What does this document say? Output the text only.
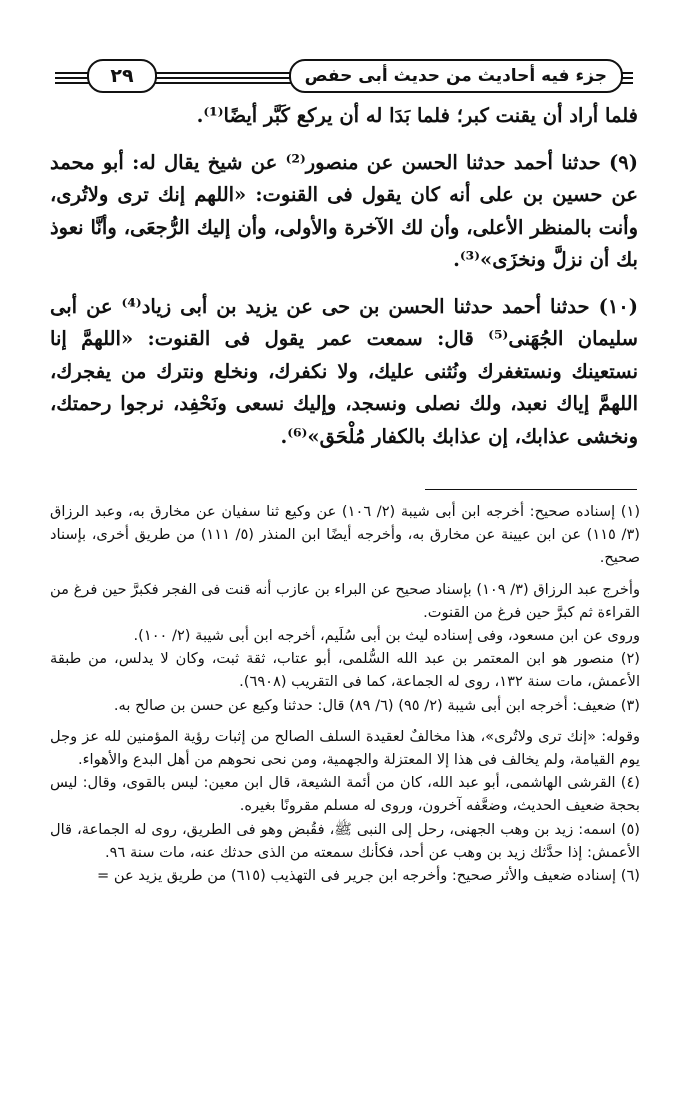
جزء فيه أحاديث من حديث أبى حفص
٢٩

فلما أراد أن يقنت كبر؛ فلما بَدَا له أن يركع كَبَّر أيضًا⁽¹⁾.

(٩) حدثنا أحمد حدثنا الحسن عن منصور⁽²⁾ عن شيخ يقال له: أبو محمد عن حسين بن على أنه كان يقول فى القنوت: «اللهم إنك ترى ولاتُرى، وأنت بالمنظر الأعلى، وأن لك الآخرة والأولى، وأن إليك الرُّجعَى، وأنَّا نعوذ بك أن نزلَّ ونخزَى»⁽³⁾.

(١٠) حدثنا أحمد حدثنا الحسن بن حى عن يزيد بن أبى زياد⁽⁴⁾ عن أبى سليمان الجُهَنى⁽⁵⁾ قال: سمعت عمر يقول فى القنوت: «اللهمَّ إنا نستعينك ونستغفرك ونُثنى عليك، ولا نكفرك، ونخلع ونترك من يفجرك، اللهمَّ إياك نعبد، ولك نصلى ونسجد، وإليك نسعى ونَحْفِد، نرجوا رحمتك، ونخشى عذابك، إن عذابك بالكفار مُلْحَق»⁽⁶⁾.

(١) إسناده صحيح: أخرجه ابن أبى شيبة (٢/ ١٠٦) عن وكيع ثنا سفيان عن مخارق به، وعبد الرزاق (٣/ ١١٥) عن ابن عيينة عن مخارق به، وأخرجه أيضًا ابن المنذر (٥/ ١١١) من طريق أخرى، بإسناد صحيح.

وأخرج عبد الرزاق (٣/ ١٠٩) بإسناد صحيح عن البراء بن عازب أنه قنت فى الفجر فكبرَّ حين فرغ من القراءة ثم كبرَّ حين فرغ من القنوت.

وروى عن ابن مسعود، وفى إسناده ليث بن أبى سُلَيم، أخرجه ابن أبى شيبة (٢/ ١٠٠).

(٢) منصور هو ابن المعتمر بن عبد الله السُّلمى، أبو عتاب، ثقة ثبت، وكان لا يدلس، من طبقة الأعمش، مات سنة ١٣٢، روى له الجماعة، كما فى التقريب (٦٩٠٨).

(٣) ضعيف: أخرجه ابن أبى شيبة (٢/ ٩٥) (٦/ ٨٩) قال: حدثنا وكيع عن حسن بن صالح به.

وقوله: «إنك ترى ولاتُرى»، هذا مخالفٌ لعقيدة السلف الصالح من إثبات رؤية المؤمنين لله عز وجل يوم القيامة، ولم يخالف فى هذا إلا المعتزلة والجهمية، ومن نحى نحوهم من أهل البدع والأهواء.

(٤) القرشى الهاشمى، أبو عبد الله، كان من أئمة الشيعة، قال ابن معين: ليس بالقوى، وقال: ليس بحجة ضعيف الحديث، وضعَّفه آخرون، وروى له مسلم مقرونًا بغيره.

(٥) اسمه: زيد بن وهب الجهنى، رحل إلى النبى ﷺ، فقُبض وهو فى الطريق، روى له الجماعة، قال الأعمش: إذا حدَّثك زيد بن وهب عن أحد، فكأنك سمعته من الذى حدثك عنه، مات سنة ٩٦.

(٦) إسناده ضعيف والأثر صحيح: وأخرجه ابن جرير فى التهذيب (٦١٥) من طريق يزيد عن =
